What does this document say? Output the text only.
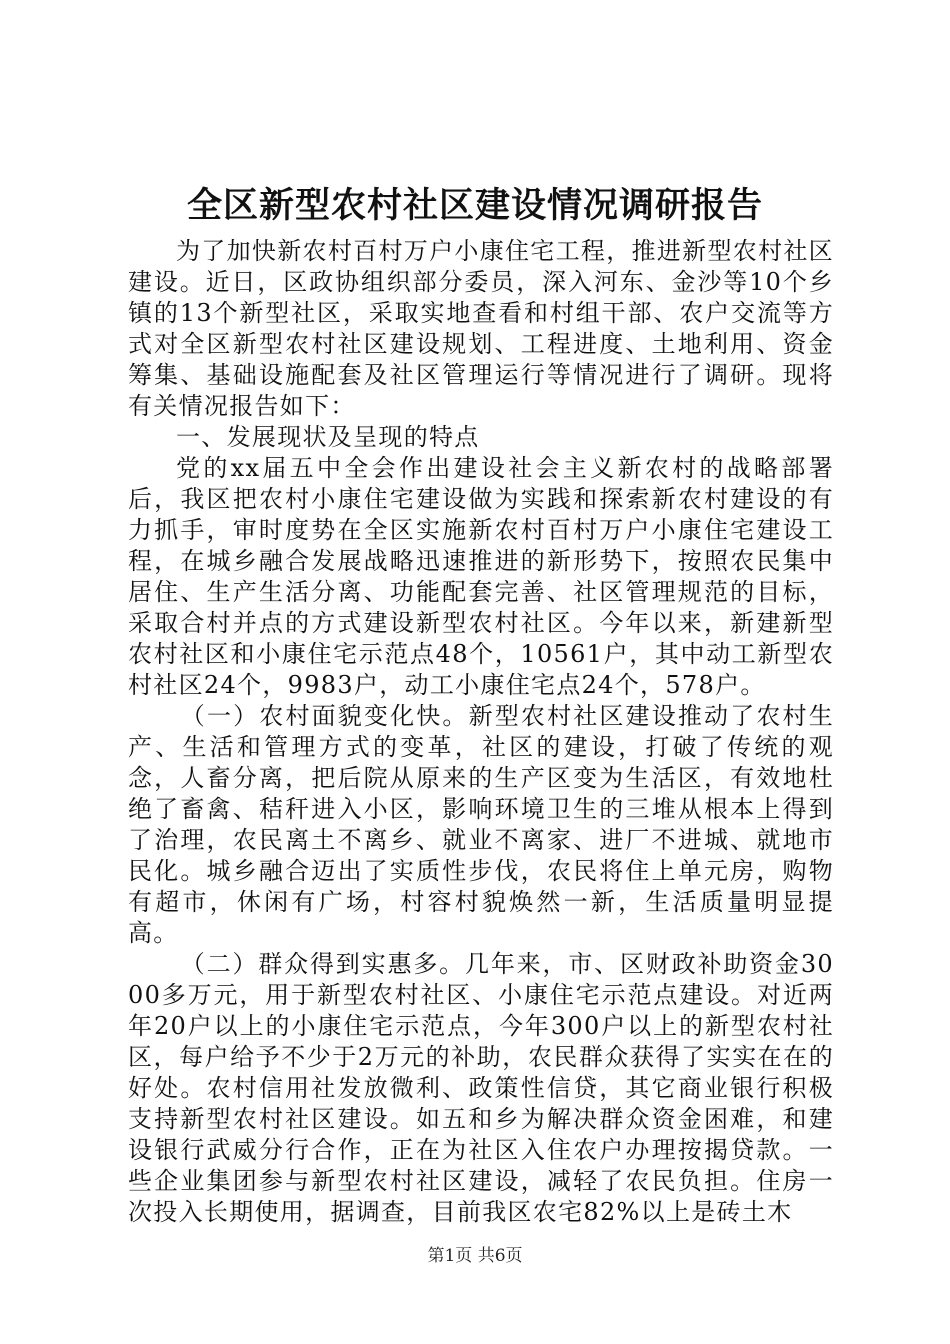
全区新型农村社区建设情况调研报告

为了加快新农村百村万户小康住宅工程，推进新型农村社区建设。近日，区政协组织部分委员，深入河东、金沙等10个乡镇的13个新型社区，采取实地查看和村组干部、农户交流等方式对全区新型农村社区建设规划、工程进度、土地利用、资金筹集、基础设施配套及社区管理运行等情况进行了调研。现将有关情况报告如下：

一、发展现状及呈现的特点

党的xx届五中全会作出建设社会主义新农村的战略部署后，我区把农村小康住宅建设做为实践和探索新农村建设的有力抓手，审时度势在全区实施新农村百村万户小康住宅建设工程，在城乡融合发展战略迅速推进的新形势下，按照农民集中居住、生产生活分离、功能配套完善、社区管理规范的目标，采取合村并点的方式建设新型农村社区。今年以来，新建新型农村社区和小康住宅示范点48个，10561户，其中动工新型农村社区24个，9983户，动工小康住宅点24个，578户。

（一）农村面貌变化快。新型农村社区建设推动了农村生产、生活和管理方式的变革，社区的建设，打破了传统的观念，人畜分离，把后院从原来的生产区变为生活区，有效地杜绝了畜禽、秸秆进入小区，影响环境卫生的三堆从根本上得到了治理，农民离土不离乡、就业不离家、进厂不进城、就地市民化。城乡融合迈出了实质性步伐，农民将住上单元房，购物有超市，休闲有广场，村容村貌焕然一新，生活质量明显提高。

（二）群众得到实惠多。几年来，市、区财政补助资金3000多万元，用于新型农村社区、小康住宅示范点建设。对近两年20户以上的小康住宅示范点，今年300户以上的新型农村社区，每户给予不少于2万元的补助，农民群众获得了实实在在的好处。农村信用社发放微利、政策性信贷，其它商业银行积极支持新型农村社区建设。如五和乡为解决群众资金困难，和建设银行武威分行合作，正在为社区入住农户办理按揭贷款。一些企业集团参与新型农村社区建设，减轻了农民负担。住房一次投入长期使用，据调查，目前我区农宅82%以上是砖土木

第1页 共6页
